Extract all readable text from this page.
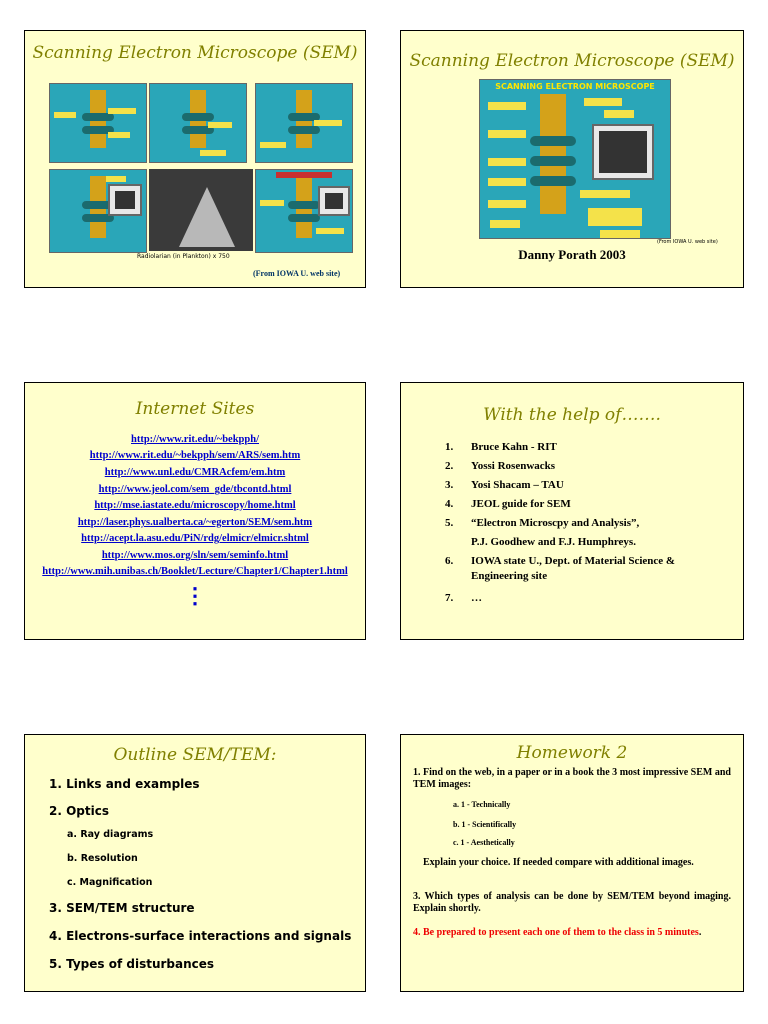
Scanning Electron Microscope (SEM)
Radiolarian (in Plankton) x 750
(From IOWA U. web site)
Scanning Electron Microscope (SEM)
SCANNING ELECTRON MICROSCOPE
(From IOWA U. web site)
Danny Porath 2003
Internet Sites
http://www.rit.edu/~bekpph/
http://www.rit.edu/~bekpph/sem/ARS/sem.htm
http://www.unl.edu/CMRAcfem/em.htm
http://www.jeol.com/sem_gde/tbcontd.html
http://mse.iastate.edu/microscopy/home.html
http://laser.phys.ualberta.ca/~egerton/SEM/sem.htm
http://acept.la.asu.edu/PiN/rdg/elmicr/elmicr.shtml
http://www.mos.org/sln/sem/seminfo.html
http://www.mih.unibas.ch/Booklet/Lecture/Chapter1/Chapter1.html
⋮
With the help of…….
1. Bruce Kahn - RIT
2. Yossi Rosenwacks
3. Yosi Shacam – TAU
4. JEOL guide for SEM
5. “Electron Microscpy and Analysis”,
P.J. Goodhew and F.J. Humphreys.
6. IOWA state U., Dept. of Material Science &
Engineering site
7. …
Outline SEM/TEM:
1. Links and examples
2. Optics
a. Ray diagrams
b. Resolution
c. Magnification
3. SEM/TEM structure
4. Electrons-surface interactions and signals
5. Types of disturbances
Homework 2
1. Find on the web, in a paper or in a book the 3 most impressive SEM and TEM images:
a. 1 - Technically
b. 1 - Scientifically
c. 1 - Aesthetically
Explain your choice. If needed compare with additional images.
3. Which types of analysis can be done by SEM/TEM beyond imaging. Explain shortly.
4. Be prepared to present each one of them to the class in 5 minutes.
